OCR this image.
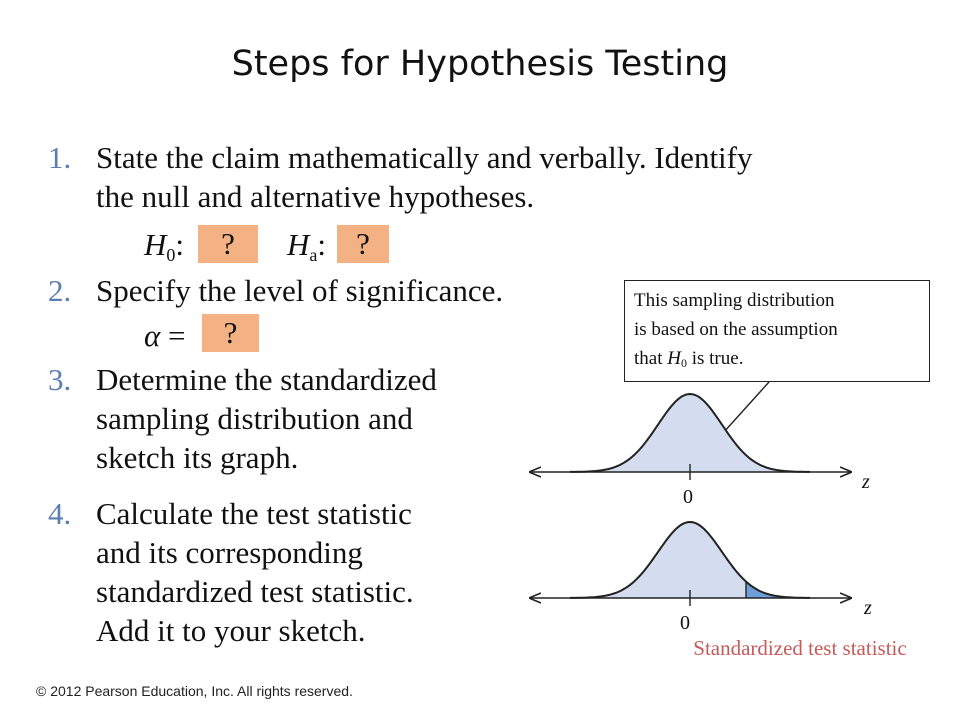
Steps for Hypothesis Testing
1. State the claim mathematically and verbally. Identify
the null and alternative hypotheses.
$H_0$:	?	$H_a$: ?
2. Specify the level of significance.
α =	?
3. Determine the standardized
sampling distribution and
sketch its graph.
4. Calculate the test statistic
and its corresponding
standardized test statistic.
Add it to your sketch.
This sampling distribution
is based on the assumption
that $H_0$ is true.
z
0
z
0
Standardized test statistic
© 2012 Pearson Education, Inc. All rights reserved.
